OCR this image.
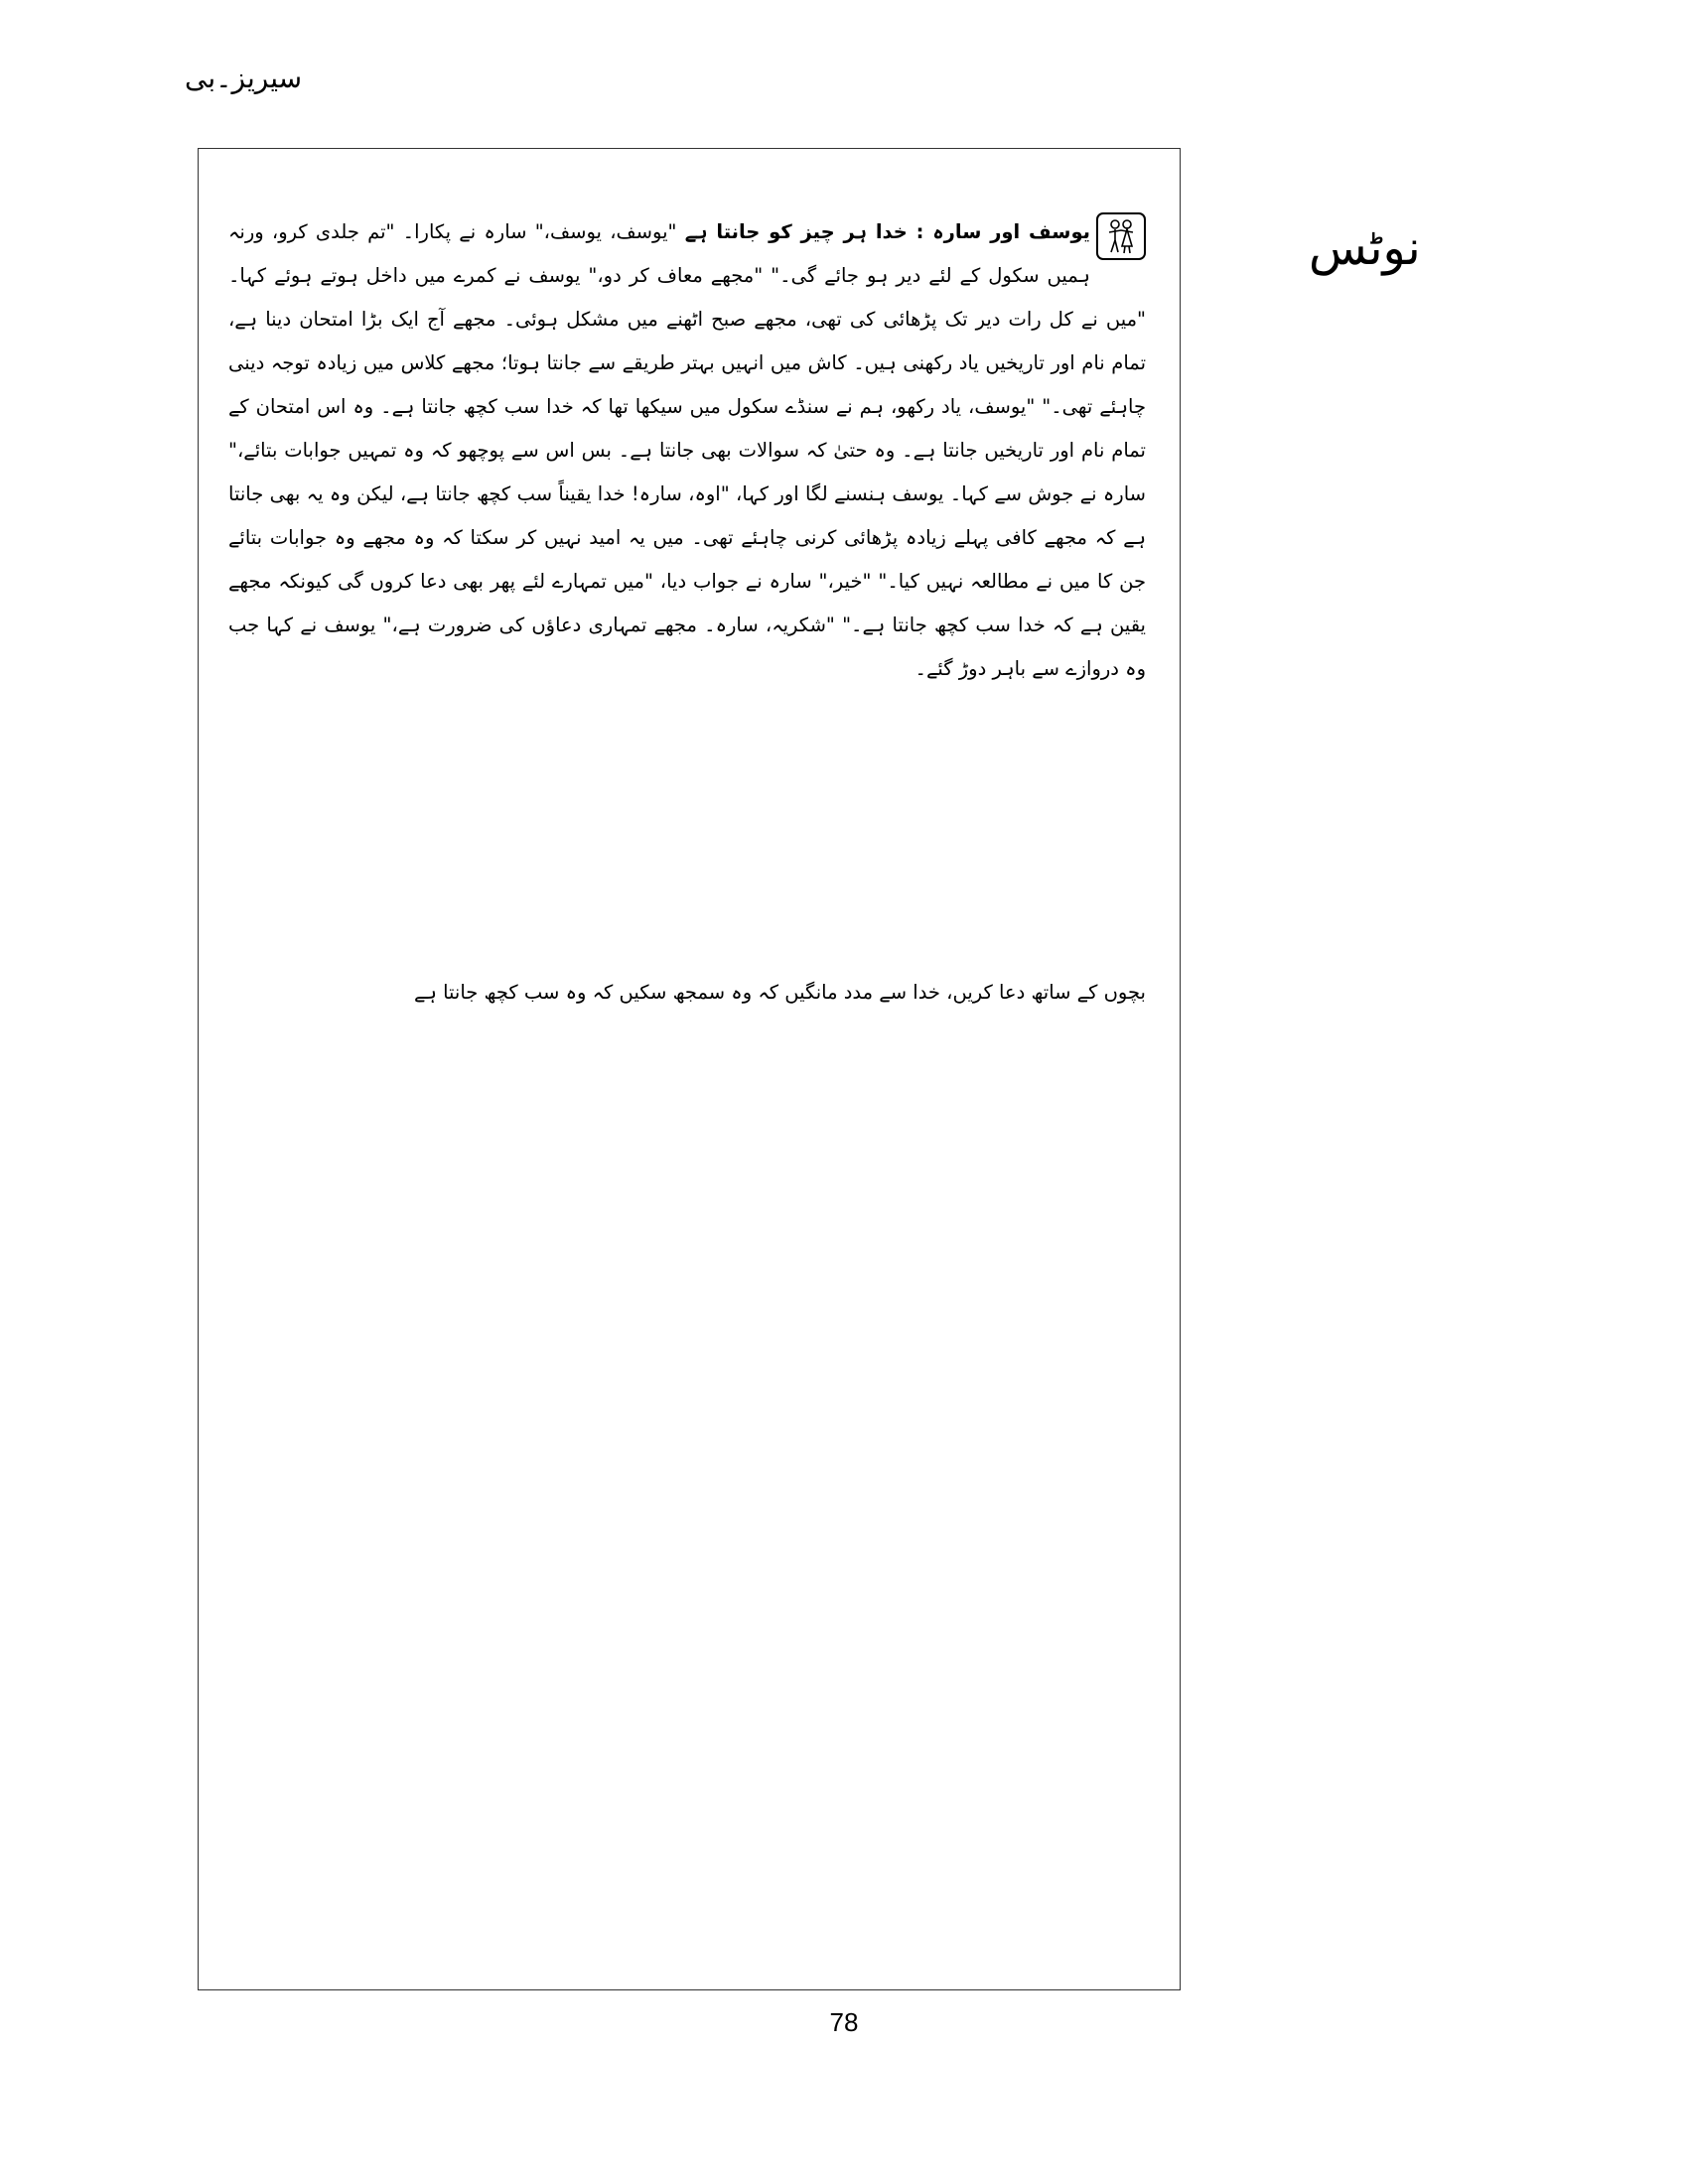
سیریز۔بی
نوٹس
یوسف اور سارہ : خدا ہر چیز کو جانتا ہے "یوسف، یوسف،" سارہ نے پکارا۔ "تم جلدی کرو، ورنہ ہمیں سکول کے لئے دیر ہو جائے گی۔" "مجھے معاف کر دو،" یوسف نے کمرے میں داخل ہوتے ہوئے کہا۔ "میں نے کل رات دیر تک پڑھائی کی تھی، مجھے صبح اٹھنے میں مشکل ہوئی۔ مجھے آج ایک بڑا امتحان دینا ہے، تمام نام اور تاریخیں یاد رکھنی ہیں۔ کاش میں انہیں بہتر طریقے سے جانتا ہوتا؛ مجھے کلاس میں زیادہ توجہ دینی چاہئے تھی۔" "یوسف، یاد رکھو، ہم نے سنڈے سکول میں سیکھا تھا کہ خدا سب کچھ جانتا ہے۔ وہ اس امتحان کے تمام نام اور تاریخیں جانتا ہے۔ وہ حتیٰ کہ سوالات بھی جانتا ہے۔ بس اس سے پوچھو کہ وہ تمہیں جوابات بتائے،" سارہ نے جوش سے کہا۔ یوسف ہنسنے لگا اور کہا، "اوہ، سارہ! خدا یقیناً سب کچھ جانتا ہے، لیکن وہ یہ بھی جانتا ہے کہ مجھے کافی پہلے زیادہ پڑھائی کرنی چاہئے تھی۔ میں یہ امید نہیں کر سکتا کہ وہ مجھے وہ جوابات بتائے جن کا میں نے مطالعہ نہیں کیا۔" "خیر،" سارہ نے جواب دیا، "میں تمہارے لئے پھر بھی دعا کروں گی کیونکہ مجھے یقین ہے کہ خدا سب کچھ جانتا ہے۔" "شکریہ، سارہ۔ مجھے تمہاری دعاؤں کی ضرورت ہے،" یوسف نے کہا جب وہ دروازے سے باہر دوڑ گئے۔
بچوں کے ساتھ دعا کریں، خدا سے مدد مانگیں کہ وہ سمجھ سکیں کہ وہ سب کچھ جانتا ہے
78
